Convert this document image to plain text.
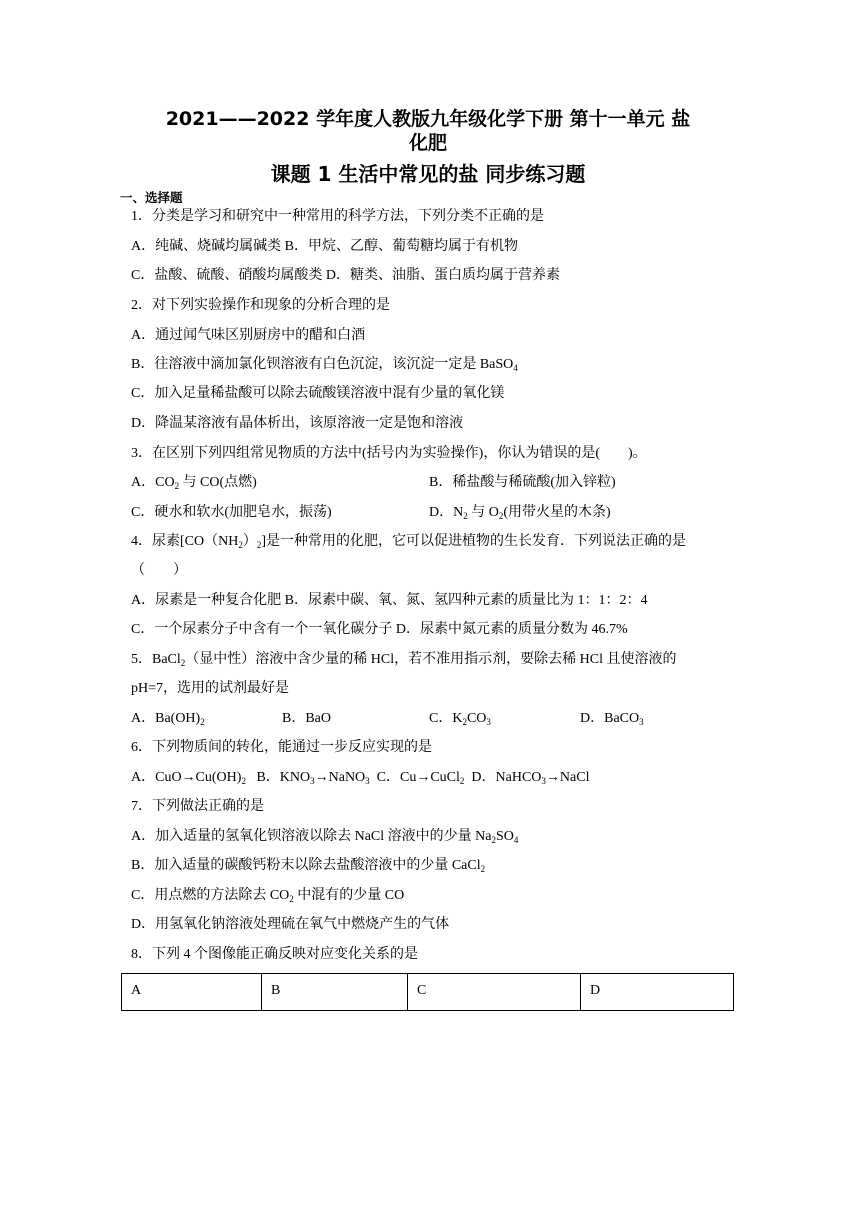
2021——2022 学年度人教版九年级化学下册 第十一单元 盐
化肥
课题 1 生活中常见的盐 同步练习题
一、选择题
1．分类是学习和研究中一种常用的科学方法，下列分类不正确的是
A．纯碱、烧碱均属碱类 B．甲烷、乙醇、葡萄糖均属于有机物
C．盐酸、硫酸、硝酸均属酸类 D．糖类、油脂、蛋白质均属于营养素
2．对下列实验操作和现象的分析合理的是
A．通过闻气味区别厨房中的醋和白酒
B．往溶液中滴加氯化钡溶液有白色沉淀，该沉淀一定是 BaSO$_4$
C．加入足量稀盐酸可以除去硫酸镁溶液中混有少量的氧化镁
D．降温某溶液有晶体析出，该原溶液一定是饱和溶液
3．在区别下列四组常见物质的方法中(括号内为实验操作)，你认为错误的是(　　)。
A．$CO_2$ 与 CO(点燃)	B．稀盐酸与稀硫酸(加入锌粒)
C．硬水和软水(加肥皂水，振荡)	D．$N_2$ 与 $O_2$(用带火星的木条)
4．尿素$[CO(NH_2)_2]$是一种常用的化肥，它可以促进植物的生长发育．下列说法正确的是
（　　）
A．尿素是一种复合化肥 B．尿素中碳、氧、氮、氢四种元素的质量比为 1：1：2：4
C．一个尿素分子中含有一个一氧化碳分子 D．尿素中氮元素的质量分数为 46.7%
5．BaCl$_2$（显中性）溶液中含少量的稀 HCl，若不准用指示剂，要除去稀 HCl 且使溶液的
pH=7，选用的试剂最好是
A．$Ba(OH)_2$	B．BaO	C．$K_2CO_3$	D．BaCO$_3$
6．下列物质间的转化，能通过一步反应实现的是
A．$CuO\to Cu(OH)_2$   B．$KNO_3\to NaNO_3$  C．Cu→CuCl$_2$  D．NaHCO$_3$→NaCl
7．下列做法正确的是
A．加入适量的氢氧化钡溶液以除去 NaCl 溶液中的少量 $Na_2SO_4$
B．加入适量的碳酸钙粉末以除去盐酸溶液中的少量 CaCl$_2$
C．用点燃的方法除去 $CO_2$ 中混有的少量 CO
D．用氢氧化钠溶液处理硫在氧气中燃烧产生的气体
8．下列 4 个图像能正确反映对应变化关系的是
A	B	C	D
